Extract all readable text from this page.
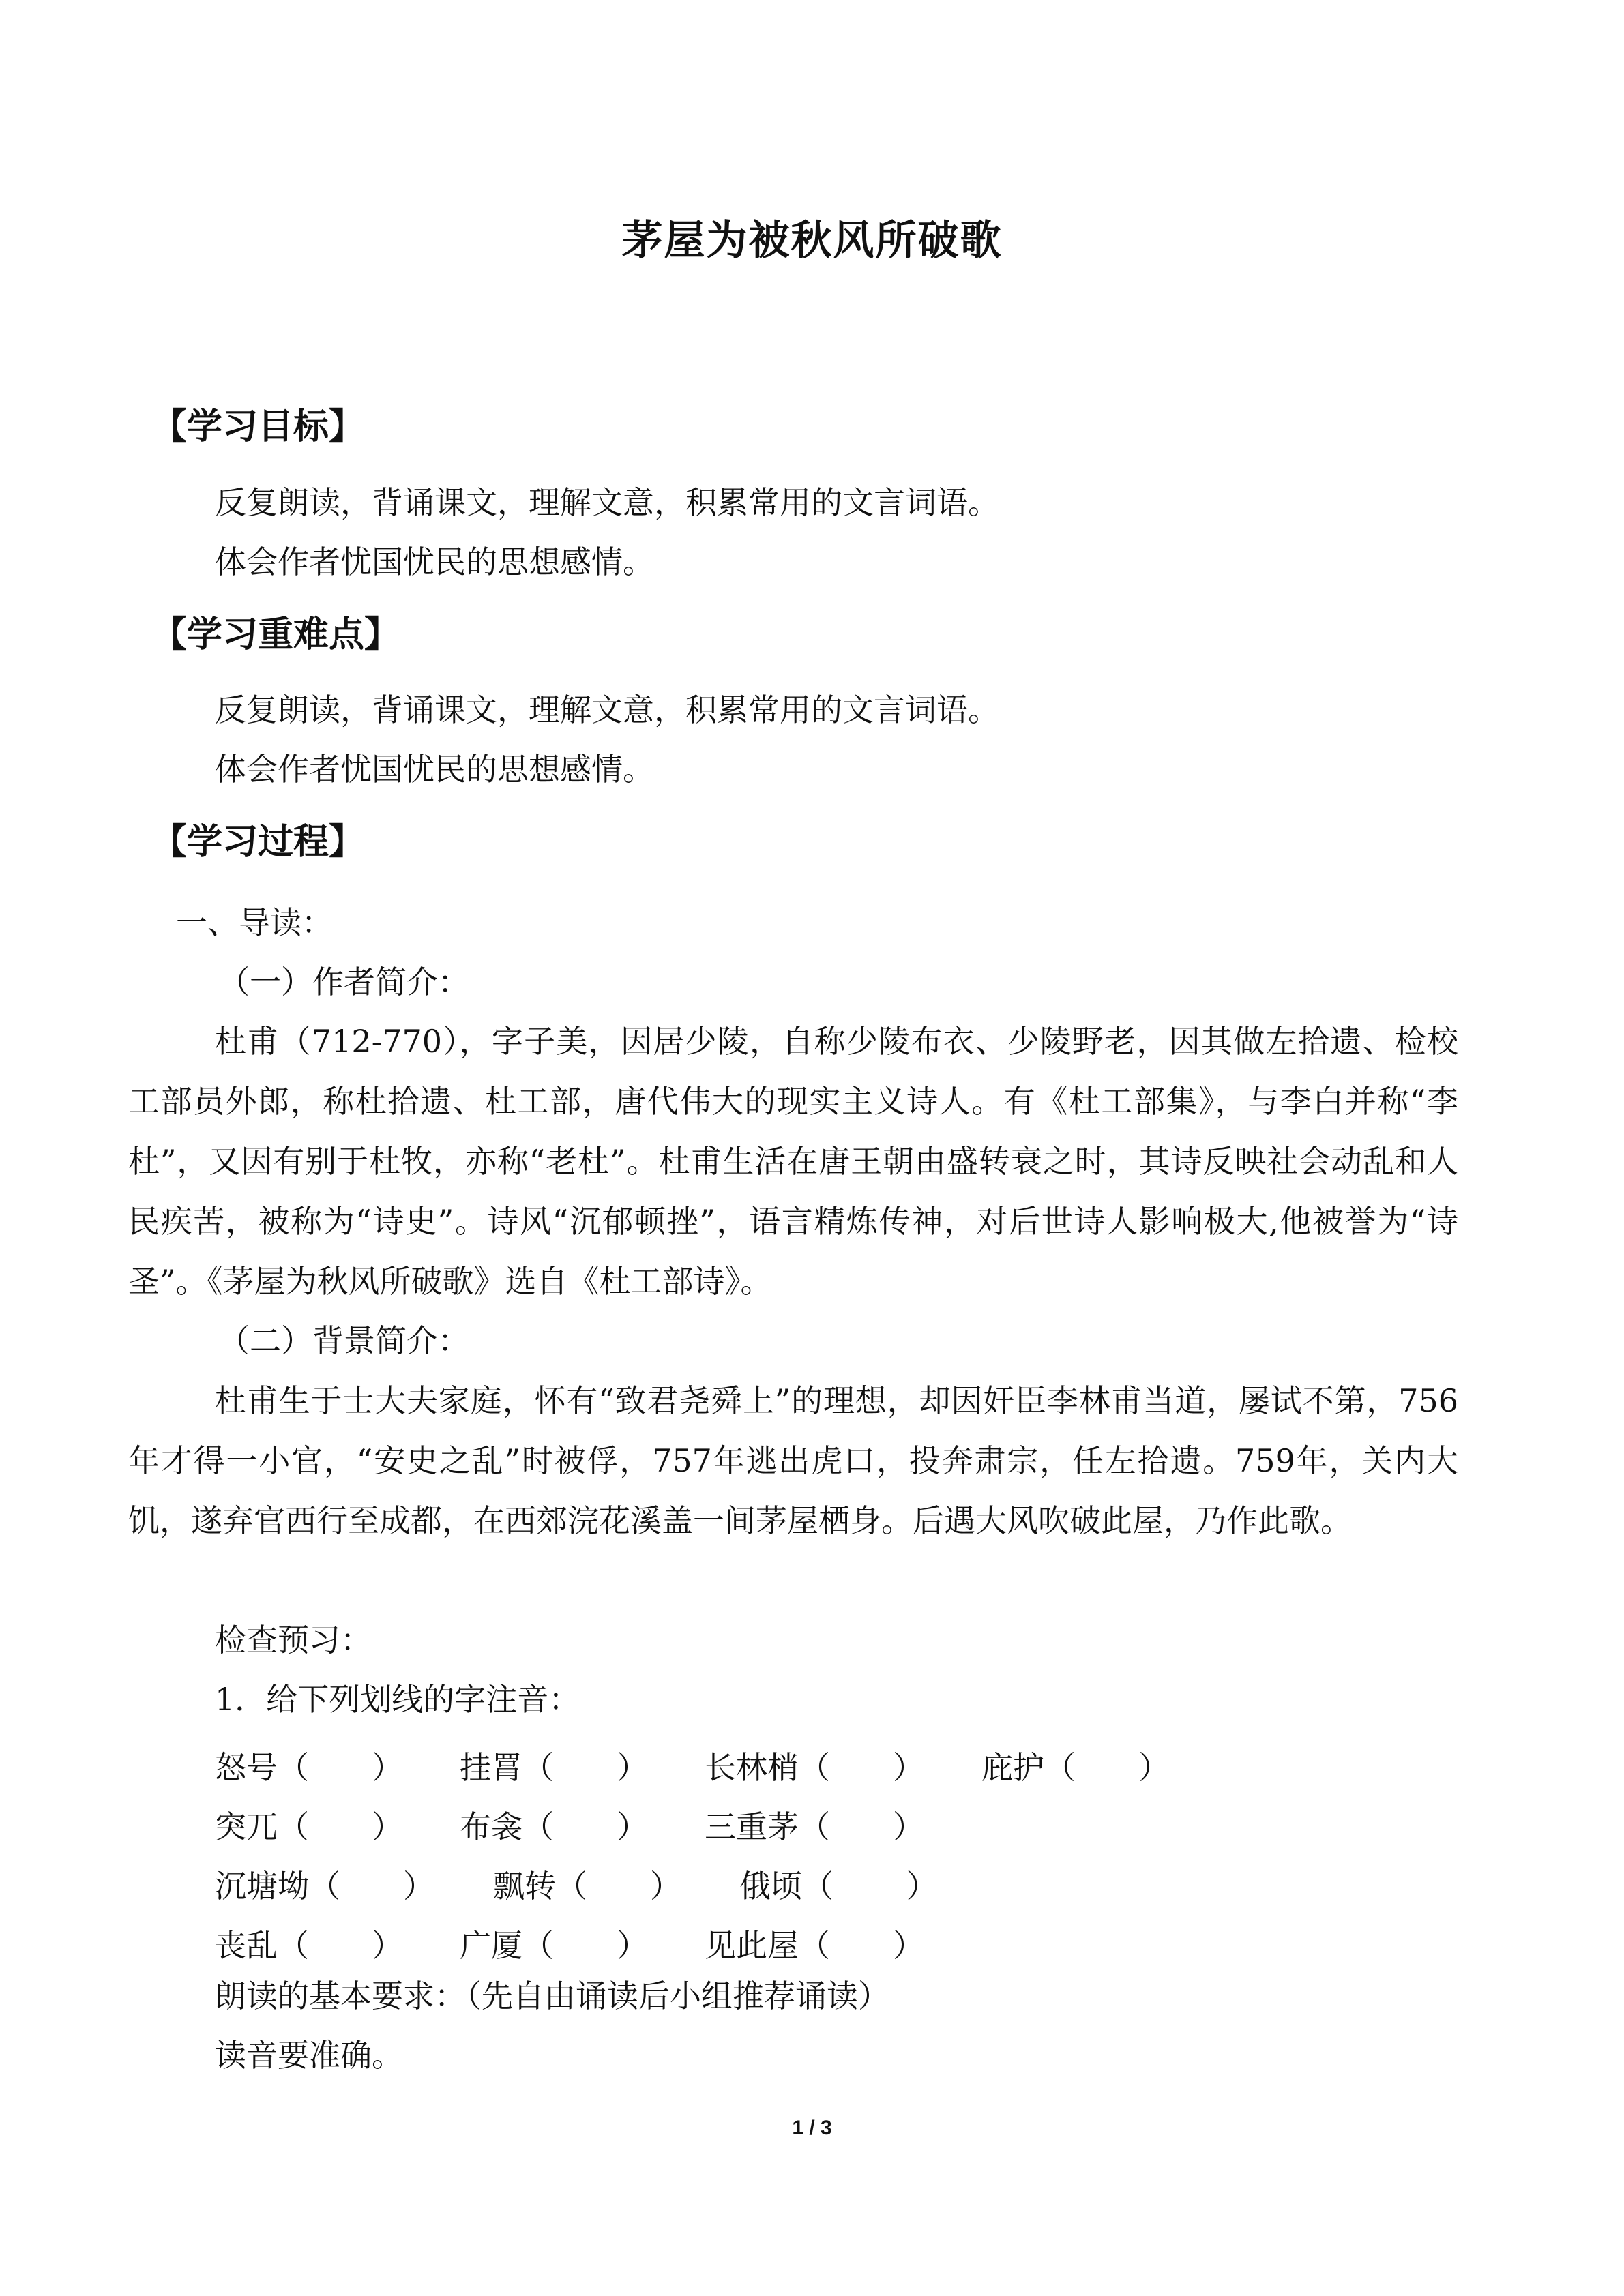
茅屋为被秋风所破歌
【学习目标】
反复朗读，背诵课文，理解文意，积累常用的文言词语。
体会作者忧国忧民的思想感情。
【学习重难点】
反复朗读，背诵课文，理解文意，积累常用的文言词语。
体会作者忧国忧民的思想感情。
【学习过程】
一、导读：
（一）作者简介：
杜甫（712-770），字子美，因居少陵，自称少陵布衣、少陵野老，因其做左拾遗、检校工部员外郎，称杜拾遗、杜工部，唐代伟大的现实主义诗人。有《杜工部集》，与李白并称“李杜”，又因有别于杜牧，亦称“老杜”。杜甫生活在唐王朝由盛转衰之时，其诗反映社会动乱和人民疾苦，被称为“诗史”。诗风“沉郁顿挫”，语言精炼传神，对后世诗人影响极大,他被誉为“诗圣”。《茅屋为秋风所破歌》选自《杜工部诗》。
（二）背景简介：
杜甫生于士大夫家庭，怀有“致君尧舜上”的理想，却因奸臣李林甫当道，屡试不第，756年才得一小官，“安史之乱”时被俘，757年逃出虎口，投奔肃宗，任左拾遗。759年，关内大饥，遂弃官西行至成都，在西郊浣花溪盖一间茅屋栖身。后遇大风吹破此屋，乃作此歌。
检查预习：
1．给下列划线的字注音：
怒号（　　） 挂罥（　　） 长林梢（　　） 庇护（　　）
突兀（　　） 布衾（　　） 三重茅（　　）
沉塘坳（　　） 飘转（　　） 俄顷（　　 ）
丧乱（　　） 广厦（　　） 见此屋（　　）
朗读的基本要求：（先自由诵读后小组推荐诵读）
读音要准确。
1 / 3
